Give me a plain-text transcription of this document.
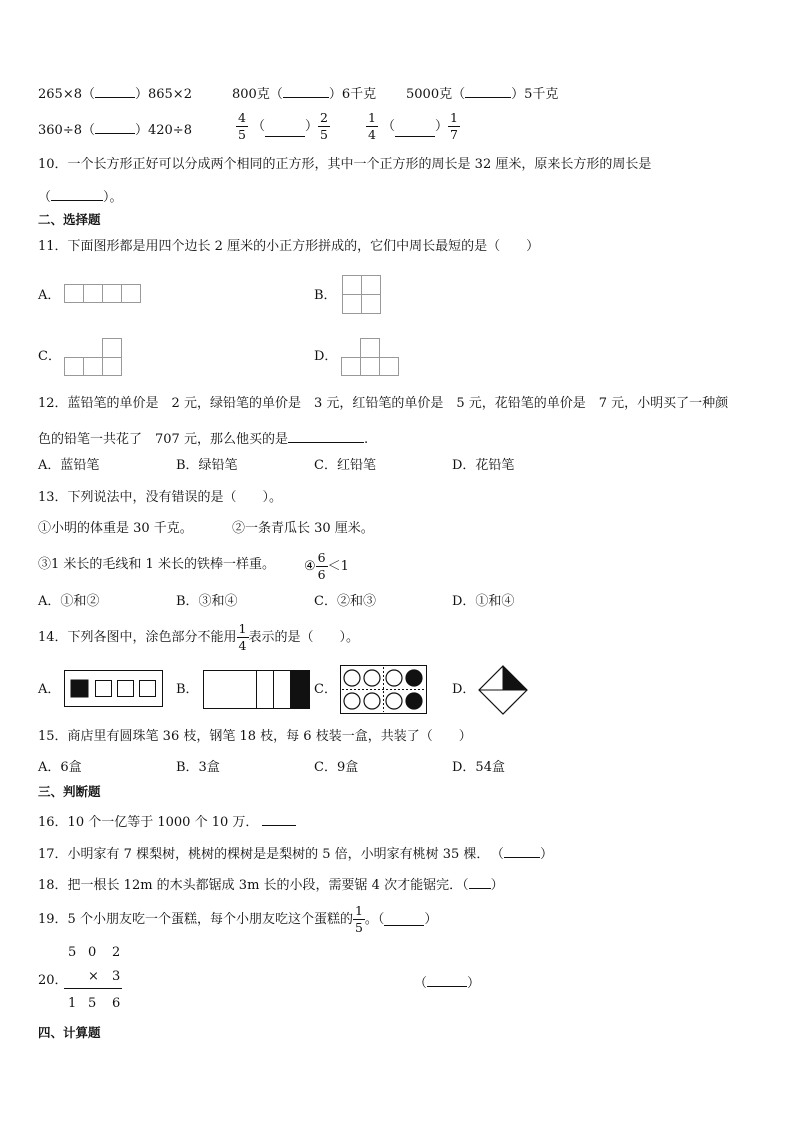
265×8（	）865×2	800克（	）6千克 5000克（	）5千克
360÷8（	）420÷8	$\frac{4}{5}$ （	） $\frac{2}{5}$	$\frac{1}{4}$ （	） $\frac{1}{7}$
10．一个长方形正好可以分成两个相同的正方形，其中一个正方形的周长是 32 厘米，原来长方形的周长是
（	）。
二、选择题
11．下面图形都是用四个边长 2 厘米的小正方形拼成的，它们中周长最短的是（　　）
A．	B．
C．	D．
12．蓝铅笔的单价是　2 元，绿铅笔的单价是　3 元，红铅笔的单价是　5 元，花铅笔的单价是　7 元，小明买了一种颜
色的铅笔一共花了　707 元，那么他买的是	.
A．蓝铅笔	B．绿铅笔	C．红铅笔	D．花铅笔
13．下列说法中，没有错误的是（　　）。
①小明的体重是 30 千克。	②一条青瓜长 30 厘米。
③1 米长的毛线和 1 米长的铁棒一样重。 ④ $\frac{6}{6} <1$
A．①和②	B．③和④	C．②和③	D．①和④
14．下列各图中，涂色部分不能用 $\frac{1}{4}$ 表示的是（　　）。
A．	B．	C．	D．
15．商店里有圆珠笔 36 枝，钢笔 18 枝，每 6 枝装一盒，共装了（　　）
A．6盒	B．3盒	C．9盒	D．54盒
三、判断题
16．10 个一亿等于 1000 个 10 万．
17．小明家有 7 棵梨树，桃树的棵树是是梨树的 5 倍，小明家有桃树 35 棵． （	）
18．把一根长 12m 的木头都锯成 3m 长的小段，需要锯 4 次才能锯完．（ ）
19．5 个小朋友吃一个蛋糕，每个小朋友吃这个蛋糕的 $\frac{1}{5}$ 。（	）
20．
5 0 2
× 3
1 5 6
（	）
四、计算题
